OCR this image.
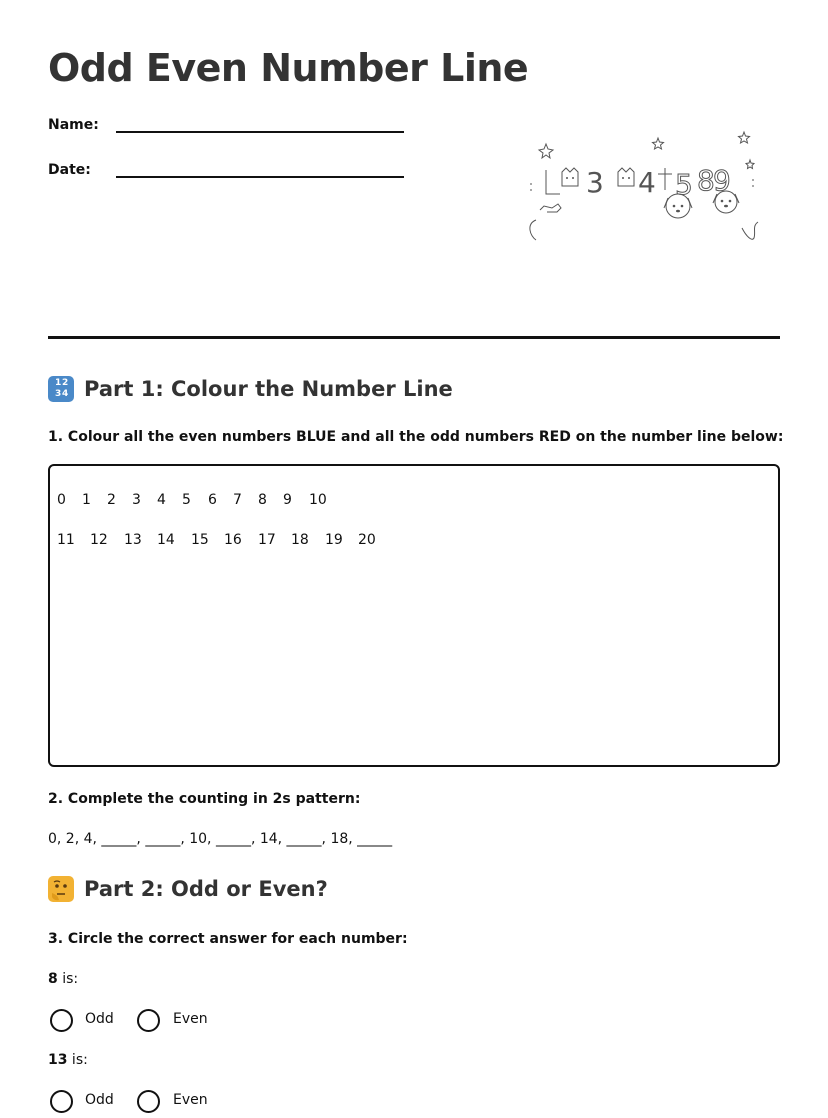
Odd Even Number Line
Name:
Date:	3 4 5 8
9
1 2
3 4 Part 1: Colour the Number Line

1. Colour all the even numbers BLUE and all the odd numbers RED on the number line below:

0 1 2 3 4 5 6 7 8 9 10
11 12 13 14 15 16 17 18 19 20

2. Complete the counting in 2s pattern:

0, 2, 4, _____, _____, 10, _____, 14, _____, 18, _____
Part 2: Odd or Even?

3. Circle the correct answer for each number:

8 is:
Odd	Even
13 is:
Odd	Even
